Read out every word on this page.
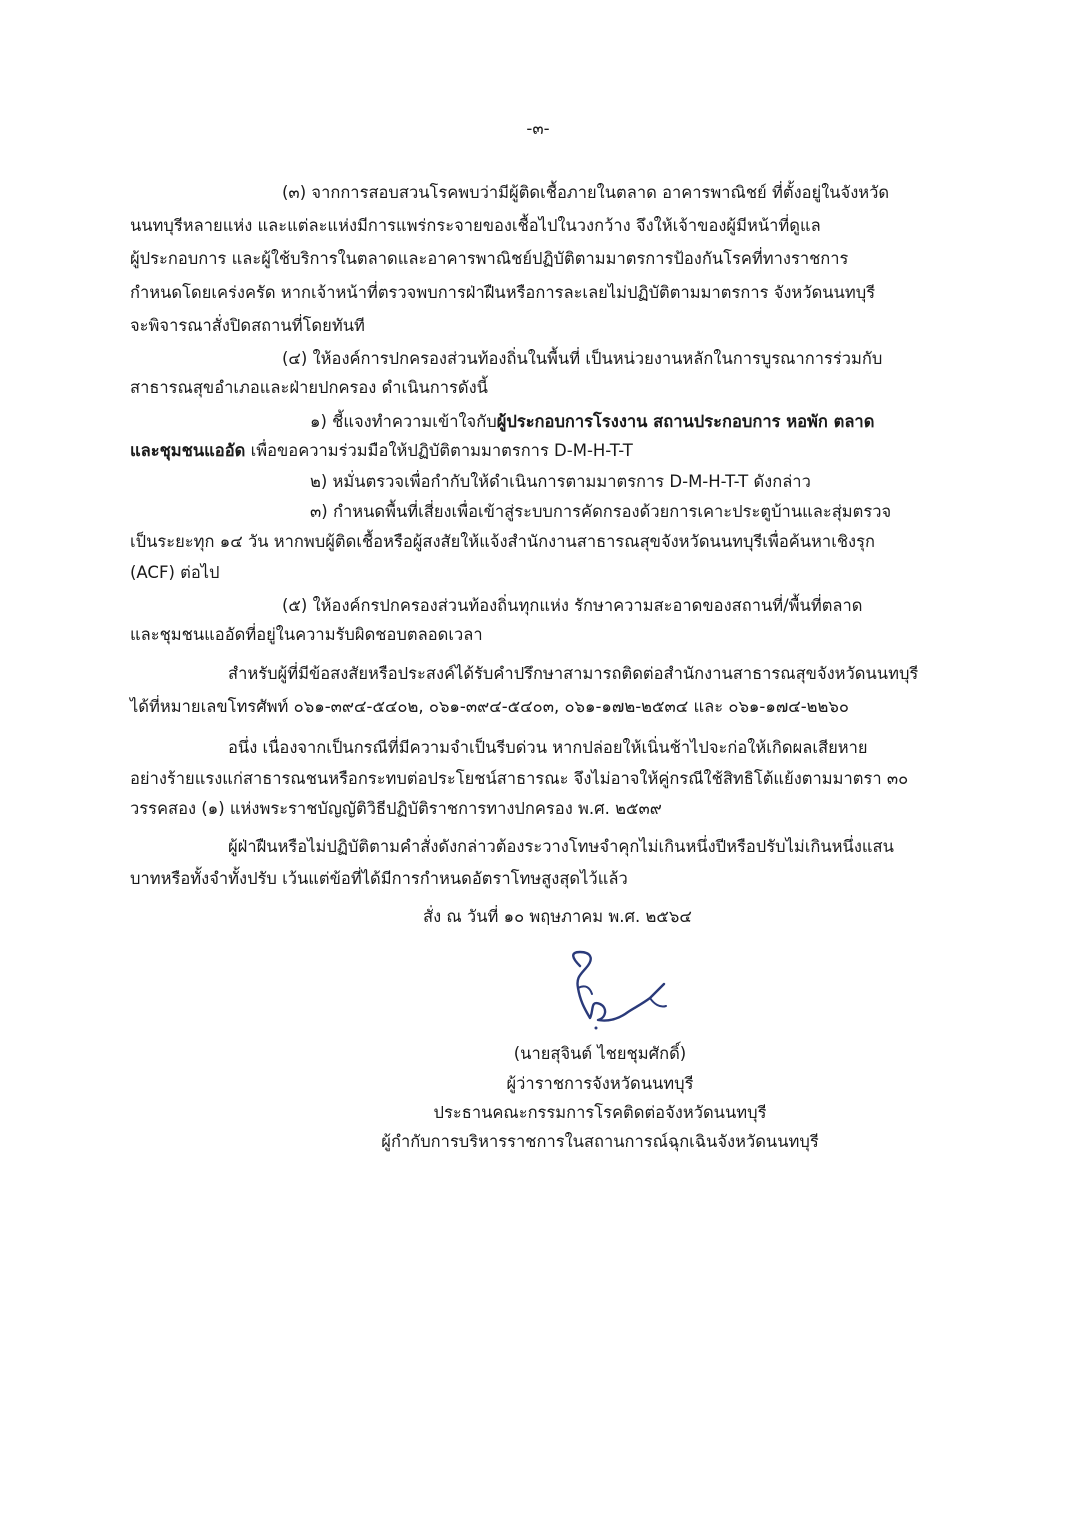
-๓-
(๓) จากการสอบสวนโรคพบว่ามีผู้ติดเชื้อภายในตลาด อาคารพาณิชย์ ที่ตั้งอยู่ในจังหวัด
นนทบุรีหลายแห่ง และแต่ละแห่งมีการแพร่กระจายของเชื้อไปในวงกว้าง จึงให้เจ้าของผู้มีหน้าที่ดูแล
ผู้ประกอบการ และผู้ใช้บริการในตลาดและอาคารพาณิชย์ปฏิบัติตามมาตรการป้องกันโรคที่ทางราชการ
กำหนดโดยเคร่งครัด หากเจ้าหน้าที่ตรวจพบการฝ่าฝืนหรือการละเลยไม่ปฏิบัติตามมาตรการ จังหวัดนนทบุรี
จะพิจารณาสั่งปิดสถานที่โดยทันที
(๔) ให้องค์การปกครองส่วนท้องถิ่นในพื้นที่ เป็นหน่วยงานหลักในการบูรณาการร่วมกับ
สาธารณสุขอำเภอและฝ่ายปกครอง ดำเนินการดังนี้
๑) ชี้แจงทำความเข้าใจกับผู้ประกอบการโรงงาน สถานประกอบการ หอพัก ตลาด
และชุมชนแออัด เพื่อขอความร่วมมือให้ปฏิบัติตามมาตรการ D-M-H-T-T
๒) หมั่นตรวจเพื่อกำกับให้ดำเนินการตามมาตรการ D-M-H-T-T ดังกล่าว
๓) กำหนดพื้นที่เสี่ยงเพื่อเข้าสู่ระบบการคัดกรองด้วยการเคาะประตูบ้านและสุ่มตรวจ
เป็นระยะทุก ๑๔ วัน หากพบผู้ติดเชื้อหรือผู้สงสัยให้แจ้งสำนักงานสาธารณสุขจังหวัดนนทบุรีเพื่อค้นหาเชิงรุก
(ACF) ต่อไป
(๕) ให้องค์กรปกครองส่วนท้องถิ่นทุกแห่ง รักษาความสะอาดของสถานที่/พื้นที่ตลาด
และชุมชนแออัดที่อยู่ในความรับผิดชอบตลอดเวลา
สำหรับผู้ที่มีข้อสงสัยหรือประสงค์ได้รับคำปรึกษาสามารถติดต่อสำนักงานสาธารณสุขจังหวัดนนทบุรี
ได้ที่หมายเลขโทรศัพท์ ๐๖๑-๓๙๔-๕๔๐๒, ๐๖๑-๓๙๔-๕๔๐๓, ๐๖๑-๑๗๒-๒๕๓๔ และ ๐๖๑-๑๗๔-๒๒๖๐
อนึ่ง เนื่องจากเป็นกรณีที่มีความจำเป็นรีบด่วน หากปล่อยให้เนิ่นช้าไปจะก่อให้เกิดผลเสียหาย
อย่างร้ายแรงแก่สาธารณชนหรือกระทบต่อประโยชน์สาธารณะ จึงไม่อาจให้คู่กรณีใช้สิทธิโต้แย้งตามมาตรา ๓๐
วรรคสอง (๑) แห่งพระราชบัญญัติวิธีปฏิบัติราชการทางปกครอง พ.ศ. ๒๕๓๙
ผู้ฝ่าฝืนหรือไม่ปฏิบัติตามคำสั่งดังกล่าวต้องระวางโทษจำคุกไม่เกินหนึ่งปีหรือปรับไม่เกินหนึ่งแสน
บาทหรือทั้งจำทั้งปรับ เว้นแต่ข้อที่ได้มีการกำหนดอัตราโทษสูงสุดไว้แล้ว
สั่ง ณ วันที่ ๑๐ พฤษภาคม พ.ศ. ๒๕๖๔
(นายสุจินต์ ไชยชุมศักดิ์)
ผู้ว่าราชการจังหวัดนนทบุรี
ประธานคณะกรรมการโรคติดต่อจังหวัดนนทบุรี
ผู้กำกับการบริหารราชการในสถานการณ์ฉุกเฉินจังหวัดนนทบุรี
